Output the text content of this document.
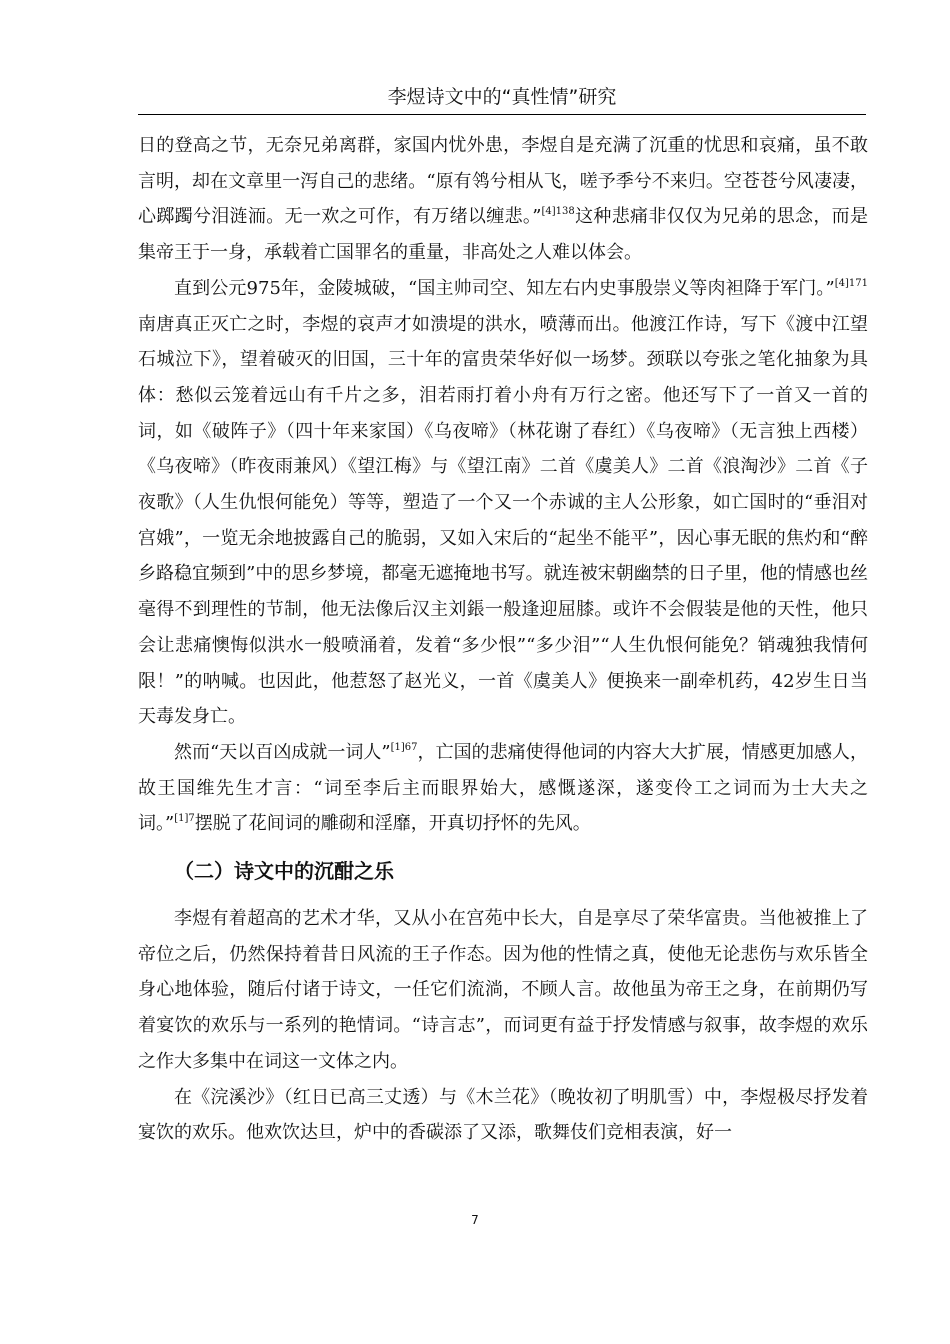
李煜诗文中的“真性情”研究

日的登高之节，无奈兄弟离群，家国内忧外患，李煜自是充满了沉重的忧思和哀痛，虽不敢言明，却在文章里一泻自己的悲绪。“原有鸰兮相从飞，嗟予季兮不来归。空苍苍兮风凄凄，心踯躅兮泪涟洏。无一欢之可作，有万绪以缠悲。”$^{[4]138}$这种悲痛非仅仅为兄弟的思念，而是集帝王于一身，承载着亡国罪名的重量，非高处之人难以体会。

直到公元975年，金陵城破，“国主帅司空、知左右内史事殷崇义等肉袒降于军门。”$^{[4]171}$南唐真正灭亡之时，李煜的哀声才如溃堤的洪水，喷薄而出。他渡江作诗，写下《渡中江望石城泣下》，望着破灭的旧国，三十年的富贵荣华好似一场梦。颈联以夸张之笔化抽象为具体：愁似云笼着远山有千片之多，泪若雨打着小舟有万行之密。他还写下了一首又一首的词，如《破阵子》（四十年来家国）《乌夜啼》（林花谢了春红）《乌夜啼》（无言独上西楼）《乌夜啼》（昨夜雨兼风）《望江梅》与《望江南》二首《虞美人》二首《浪淘沙》二首《子夜歌》（人生仇恨何能免）等等，塑造了一个又一个赤诚的主人公形象，如亡国时的“垂泪对宫娥”，一览无余地披露自己的脆弱，又如入宋后的“起坐不能平”，因心事无眠的焦灼和“醉乡路稳宜频到”中的思乡梦境，都毫无遮掩地书写。就连被宋朝幽禁的日子里，他的情感也丝毫得不到理性的节制，他无法像后汉主刘鋹一般逢迎屈膝。或许不会假装是他的天性，他只会让悲痛懊悔似洪水一般喷涌着，发着“多少恨”“多少泪”“人生仇恨何能免？销魂独我情何限！”的呐喊。也因此，他惹怒了赵光义，一首《虞美人》便换来一副牵机药，42岁生日当天毒发身亡。

然而“天以百凶成就一词人”$^{[1]67}$，亡国的悲痛使得他词的内容大大扩展，情感更加感人，故王国维先生才言：“词至李后主而眼界始大，感慨遂深，遂变伶工之词而为士大夫之词。”$^{[1]7}$摆脱了花间词的雕砌和淫靡，开真切抒怀的先风。

（二）诗文中的沉酣之乐

李煜有着超高的艺术才华，又从小在宫苑中长大，自是享尽了荣华富贵。当他被推上了帝位之后，仍然保持着昔日风流的王子作态。因为他的性情之真，使他无论悲伤与欢乐皆全身心地体验，随后付诸于诗文，一任它们流淌，不顾人言。故他虽为帝王之身，在前期仍写着宴饮的欢乐与一系列的艳情词。“诗言志”，而词更有益于抒发情感与叙事，故李煜的欢乐之作大多集中在词这一文体之内。

在《浣溪沙》（红日已高三丈透）与《木兰花》（晚妆初了明肌雪）中，李煜极尽抒发着宴饮的欢乐。他欢饮达旦，炉中的香碳添了又添，歌舞伎们竞相表演，好一

7
